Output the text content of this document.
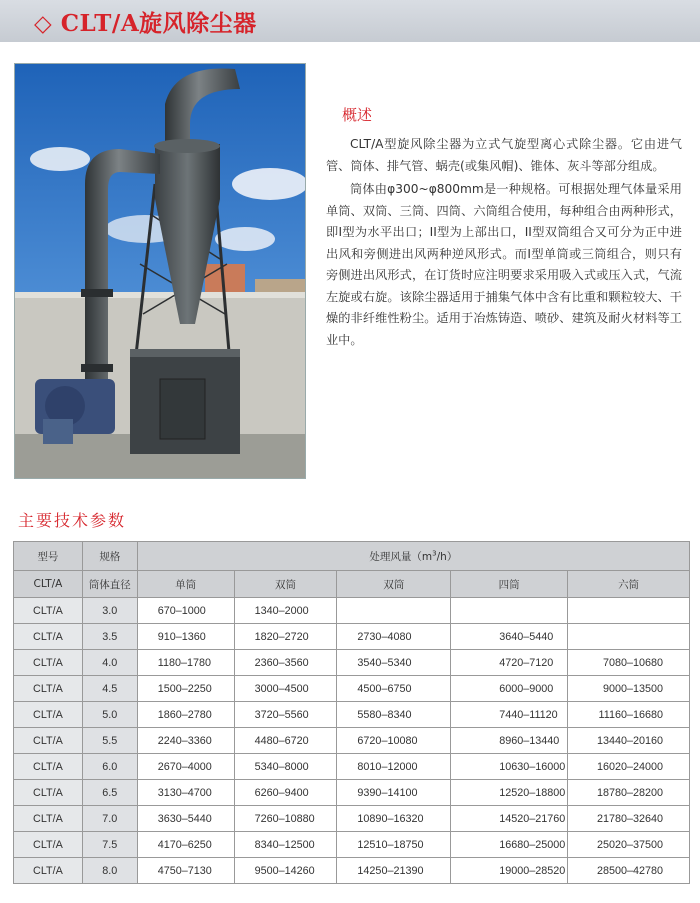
◇ CLT/A旋风除尘器
概述

CLT/A型旋风除尘器为立式气旋型离心式除尘器。它由进气管、筒体、排气管、蜗壳(或集风帽)、锥体、灰斗等部分组成。

筒体由φ300~φ800mm是一种规格。可根据处理气体量采用单筒、双筒、三筒、四筒、六筒组合使用，每种组合由两种形式，即I型为水平出口；II型为上部出口，II型双筒组合又可分为正中进出风和旁侧进出风两种逆风形式。而I型单筒或三筒组合，则只有旁侧进出风形式，在订货时应注明要求采用吸入式或压入式，气流左旋或右旋。该除尘器适用于捕集气体中含有比重和颗粒较大、干燥的非纤维性粉尘。适用于冶炼铸造、喷砂、建筑及耐火材料等工业中。

主要技术参数
型号	规格	处理风量$(m^3/h)$				
CLT/A	筒体直径	单筒	双筒	双筒	四筒	六筒
CLT/A	3.0	670–1000	1340–2000			
CLT/A	3.5	910–1360	1820–2720	2730–4080	3640–5440	
CLT/A	4.0	1180–1780	2360–3560	3540–5340	4720–7120	7080–10680
CLT/A	4.5	1500–2250	3000–4500	4500–6750	6000–9000	9000–13500
CLT/A	5.0	1860–2780	3720–5560	5580–8340	7440–11120	11160–16680
CLT/A	5.5	2240–3360	4480–6720	6720–10080	8960–13440	13440–20160
CLT/A	6.0	2670–4000	5340–8000	8010–12000	10630–16000	16020–24000
CLT/A	6.5	3130–4700	6260–9400	9390–14100	12520–18800	18780–28200
CLT/A	7.0	3630–5440	7260–10880	10890–16320	14520–21760	21780–32640
CLT/A	7.5	4170–6250	8340–12500	12510–18750	16680–25000	25020–37500
CLT/A	8.0	4750–7130	9500–14260	14250–21390	19000–28520	28500–42780
